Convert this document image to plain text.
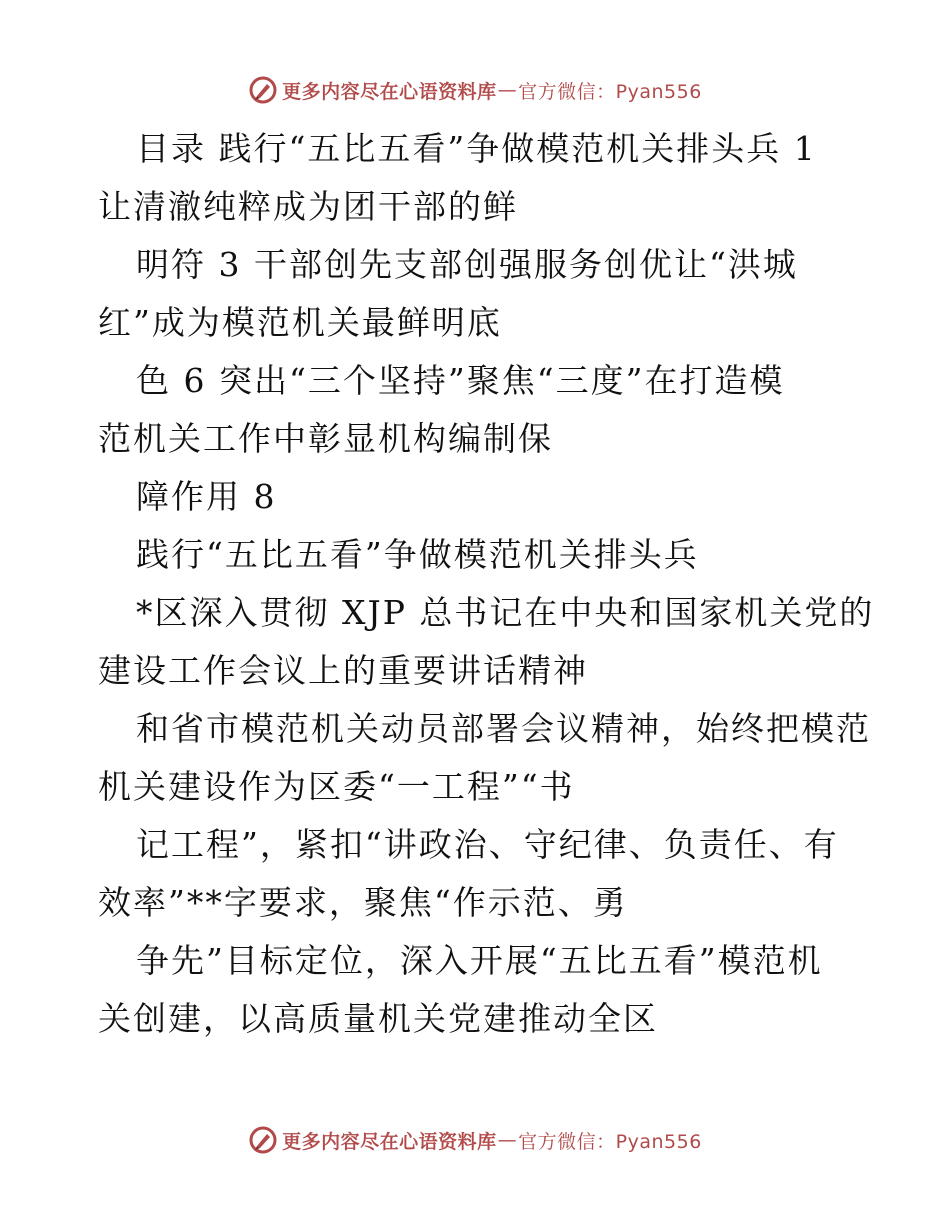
更多内容尽在心语资料库 — 官方微信：Pyan556
目录 践行“五比五看”争做模范机关排头兵 1
让清澈纯粹成为团干部的鲜
明符 3 干部创先支部创强服务创优让“洪城
红”成为模范机关最鲜明底
色 6 突出“三个坚持”聚焦“三度”在打造模
范机关工作中彰显机构编制保
障作用 8
践行“五比五看”争做模范机关排头兵
*区深入贯彻 XJP 总书记在中央和国家机关党的
建设工作会议上的重要讲话精神
和省市模范机关动员部署会议精神，始终把模范
机关建设作为区委“一工程”“书
记工程”，紧扣“讲政治、守纪律、负责任、有
效率”**字要求，聚焦“作示范、勇
争先”目标定位，深入开展“五比五看”模范机
关创建，以高质量机关党建推动全区
更多内容尽在心语资料库 — 官方微信：Pyan556
